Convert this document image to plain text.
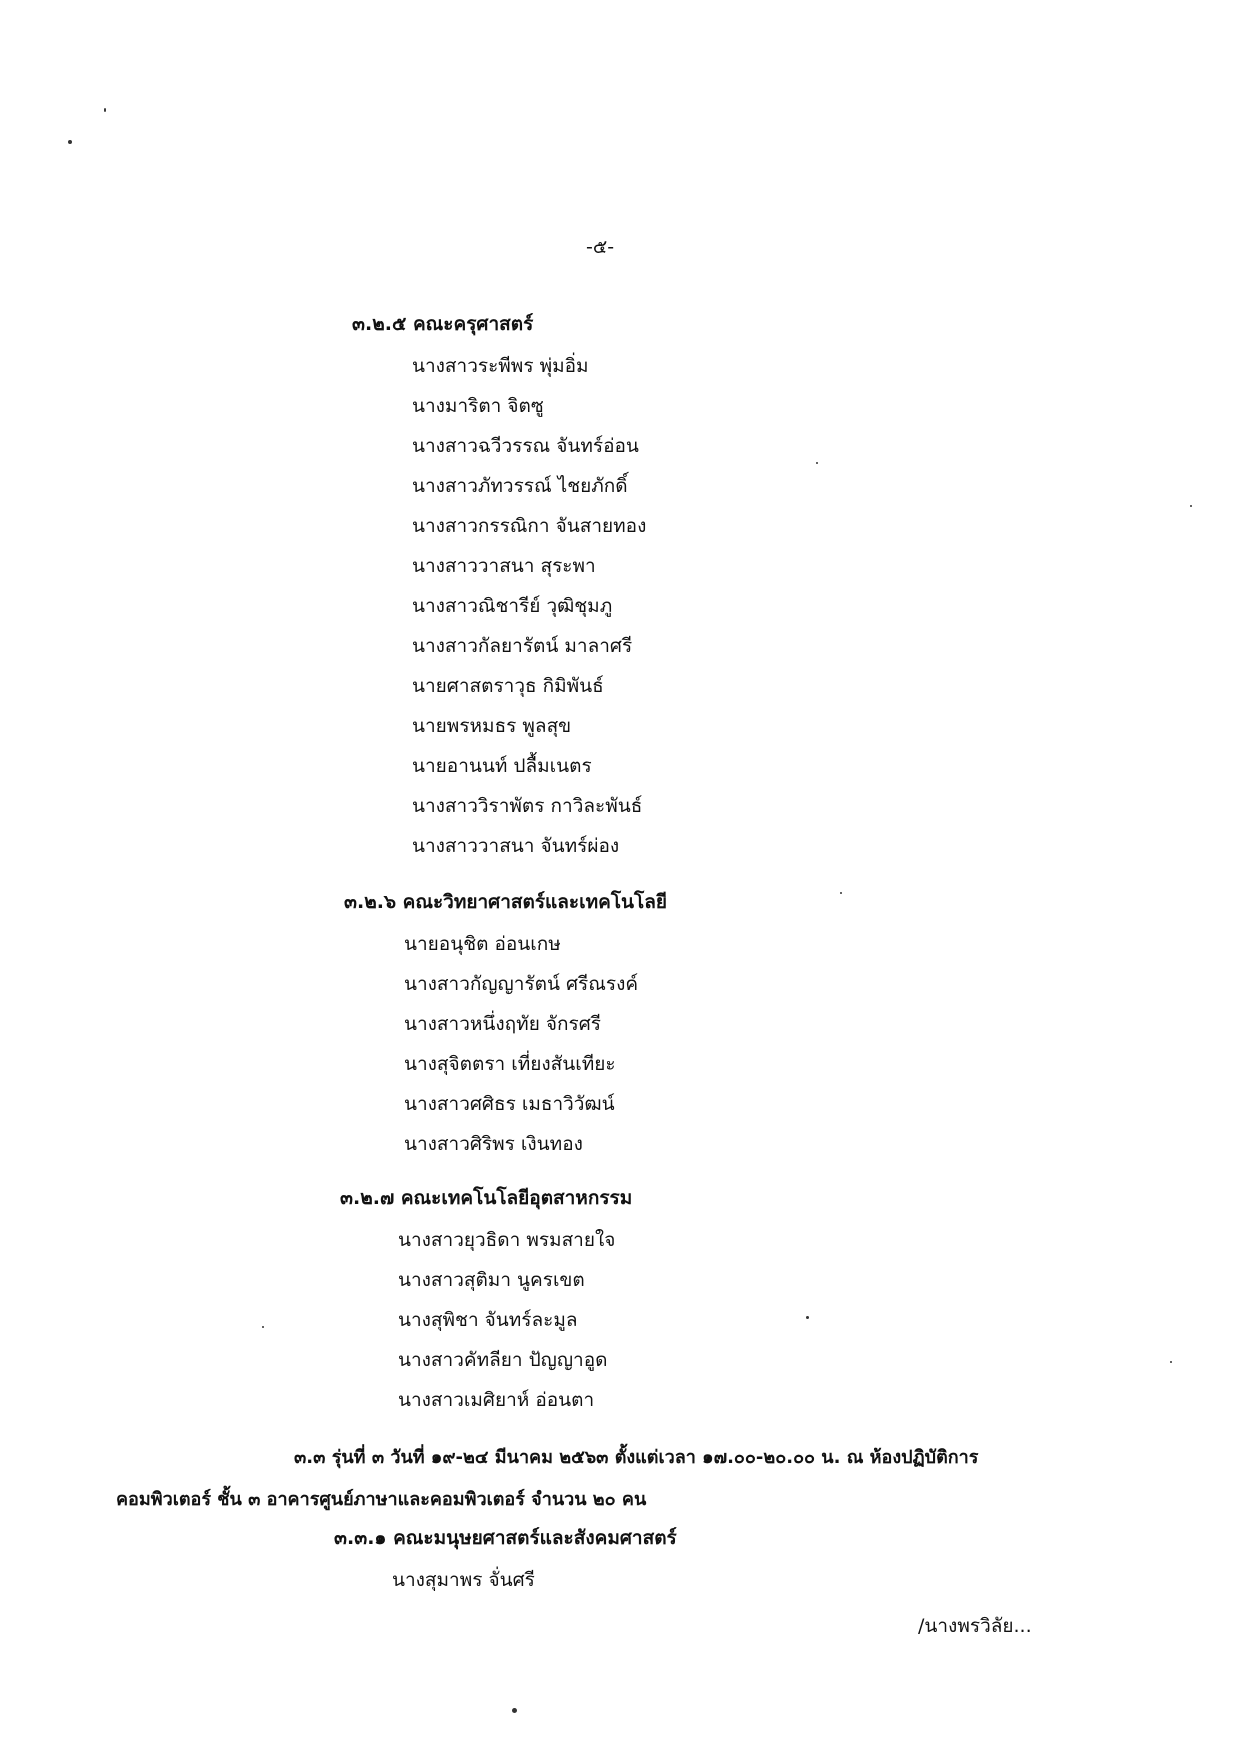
-๕-
๓.๒.๕ คณะครุศาสตร์
นางสาวระพีพร พุ่มอิ่ม
นางมาริตา จิตซู
นางสาวฉวีวรรณ จันทร์อ่อน
นางสาวภัทวรรณ์ ไชยภักดิ์
นางสาวกรรณิกา จันสายทอง
นางสาววาสนา สุระพา
นางสาวณิชารีย์ วุฒิชุมภู
นางสาวกัลยารัตน์ มาลาศรี
นายศาสตราวุธ กิมิพันธ์
นายพรหมธร พูลสุข
นายอานนท์ ปลื้มเนตร
นางสาววิราพัตร กาวิละพันธ์
นางสาววาสนา จันทร์ผ่อง
๓.๒.๖ คณะวิทยาศาสตร์และเทคโนโลยี
นายอนุชิต อ่อนเกษ
นางสาวกัญญารัตน์ ศรีณรงค์
นางสาวหนึ่งฤทัย จักรศรี
นางสุจิตตรา เที่ยงสันเทียะ
นางสาวศศิธร เมธาวิวัฒน์
นางสาวศิริพร เงินทอง
๓.๒.๗ คณะเทคโนโลยีอุตสาหกรรม
นางสาวยุวธิดา พรมสายใจ
นางสาวสุติมา นูครเขต
นางสุพิชา จันทร์ละมูล
นางสาวคัทลียา ปัญญาอูด
นางสาวเมศิยาห์ อ่อนตา
๓.๓ รุ่นที่ ๓ วันที่ ๑๙-๒๔ มีนาคม ๒๕๖๓ ตั้งแต่เวลา ๑๗.๐๐-๒๐.๐๐ น. ณ ห้องปฏิบัติการ
คอมพิวเตอร์ ชั้น ๓ อาคารศูนย์ภาษาและคอมพิวเตอร์ จำนวน ๒๐ คน
๓.๓.๑ คณะมนุษยศาสตร์และสังคมศาสตร์
นางสุมาพร จั่นศรี
/นางพรวิลัย...
